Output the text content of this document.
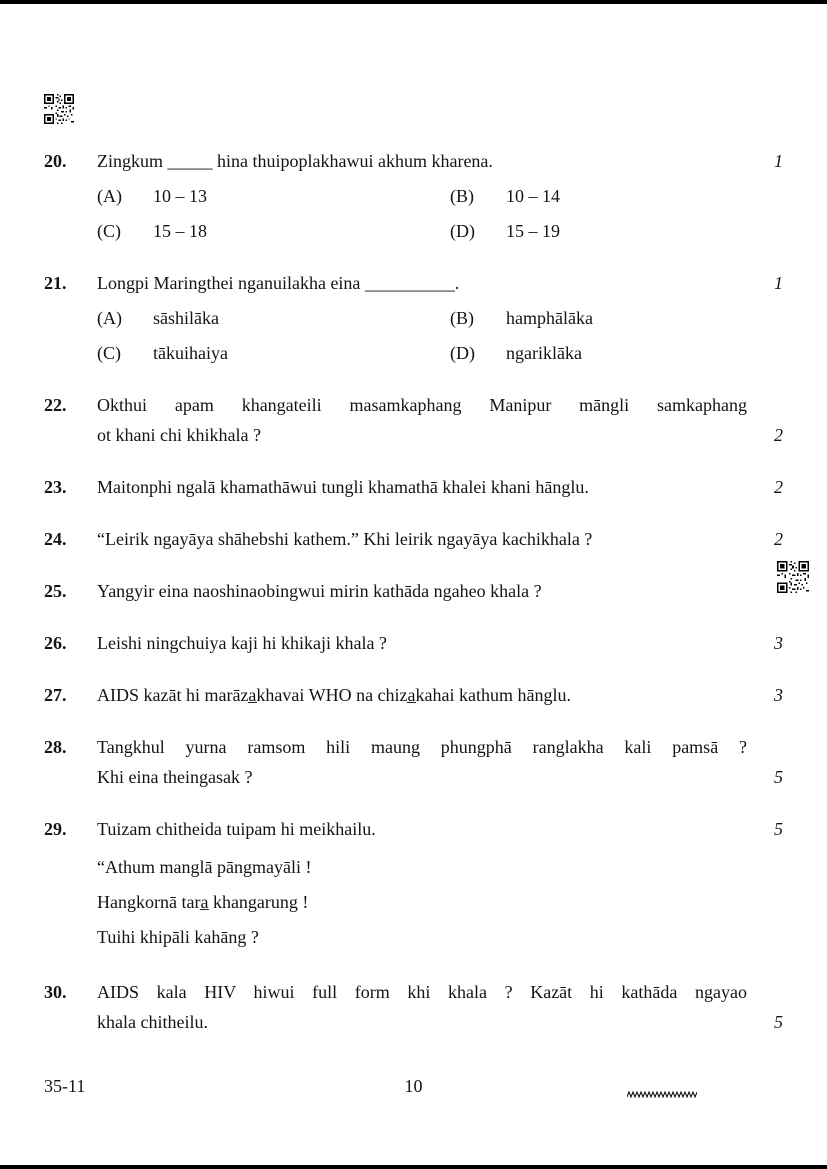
20.	Zingkum _____ hina thuipoplakhawui akhum kharena.
(A)	10 – 13	(B)	10 – 14
(C)	15 – 18	(D)	15 – 19
1
21.	Longpi Maringthei nganuilakha eina __________.
(A)	sāshilāka	(B)	hamphālāka
(C)	tākuihaiya	(D)	ngariklāka
1
22.	Okthui apam khangateili masamkaphang Manipur māngli samkaphang
ot khani chi khikhala ?	2
23.	Maitonphi ngalā khamathāwui tungli khamathā khalei khani hānglu.	2
24.	“Leirik ngayāya shāhebshi kathem.” Khi leirik ngayāya kachikhala ?	2
25.	Yangyir eina naoshinaobingwui mirin kathāda ngaheo khala ?
26.	Leishi ningchuiya kaji hi khikaji khala ?	3
27.	AIDS kazāt hi marāza̲khavai WHO na chiza̲kahai kathum hānglu.	3
28.	Tangkhul yurna ramsom hili maung phungphā ranglakha kali pamsā ?
Khi eina theingasak ?	5
29.	Tuizam chitheida tuipam hi meikhailu.
“Athum manglā pāngmayāli !
Hangkornā tara̲ khangarung !
Tuihi khipāli kahāng ?
5
30.	AIDS kala HIV hiwui full form khi khala ? Kazāt hi kathāda ngayao
khala chitheilu.	5
35-11	10
